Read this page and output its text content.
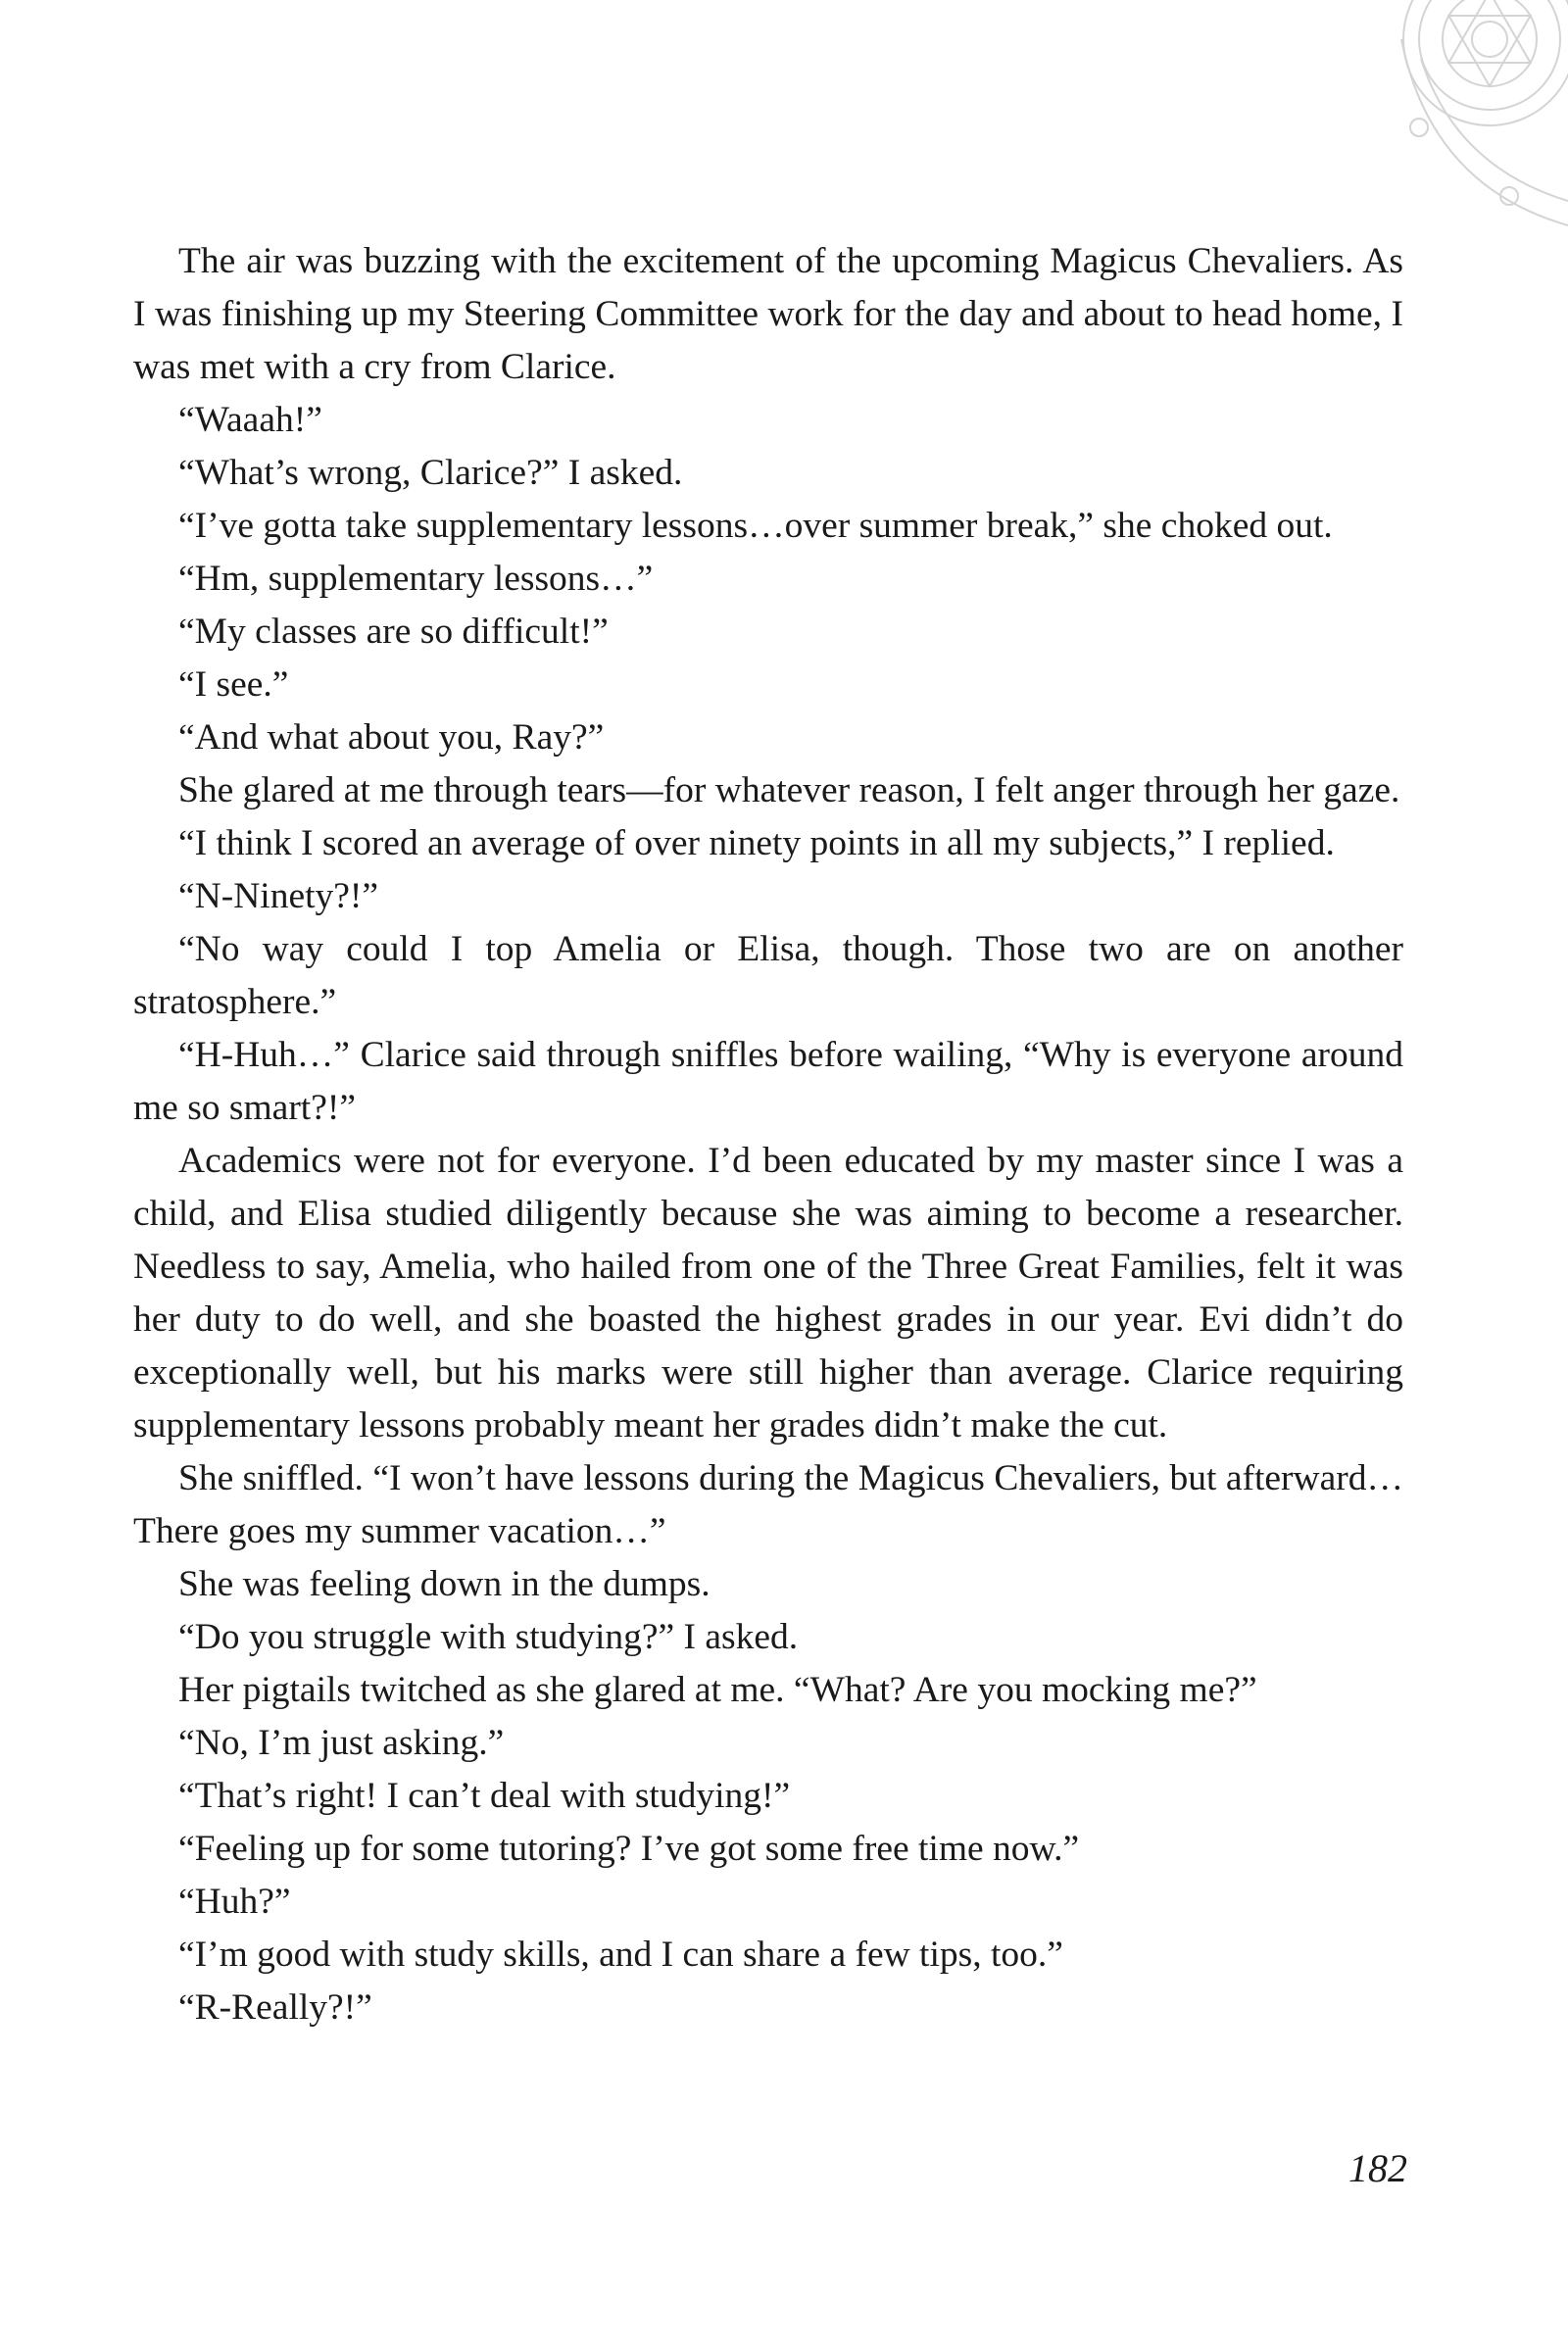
The air was buzzing with the excitement of the upcoming Magicus Chevaliers. As I was finishing up my Steering Committee work for the day and about to head home, I was met with a cry from Clarice.

“Waaah!”

“What’s wrong, Clarice?” I asked.

“I’ve gotta take supplementary lessons…over summer break,” she choked out.

“Hm, supplementary lessons…”

“My classes are so difficult!”

“I see.”

“And what about you, Ray?”

She glared at me through tears—for whatever reason, I felt anger through her gaze.

“I think I scored an average of over ninety points in all my subjects,” I replied.

“N-Ninety?!”

“No way could I top Amelia or Elisa, though. Those two are on another stratosphere.”

“H-Huh…” Clarice said through sniffles before wailing, “Why is everyone around me so smart?!”

Academics were not for everyone. I’d been educated by my master since I was a child, and Elisa studied diligently because she was aiming to become a researcher. Needless to say, Amelia, who hailed from one of the Three Great Families, felt it was her duty to do well, and she boasted the highest grades in our year. Evi didn’t do exceptionally well, but his marks were still higher than average. Clarice requiring supplementary lessons probably meant her grades didn’t make the cut.

She sniffled. “I won’t have lessons during the Magicus Chevaliers, but afterward… There goes my summer vacation…”

She was feeling down in the dumps.

“Do you struggle with studying?” I asked.

Her pigtails twitched as she glared at me. “What? Are you mocking me?”

“No, I’m just asking.”

“That’s right! I can’t deal with studying!”

“Feeling up for some tutoring? I’ve got some free time now.”

“Huh?”

“I’m good with study skills, and I can share a few tips, too.”

“R-Really?!”

182
